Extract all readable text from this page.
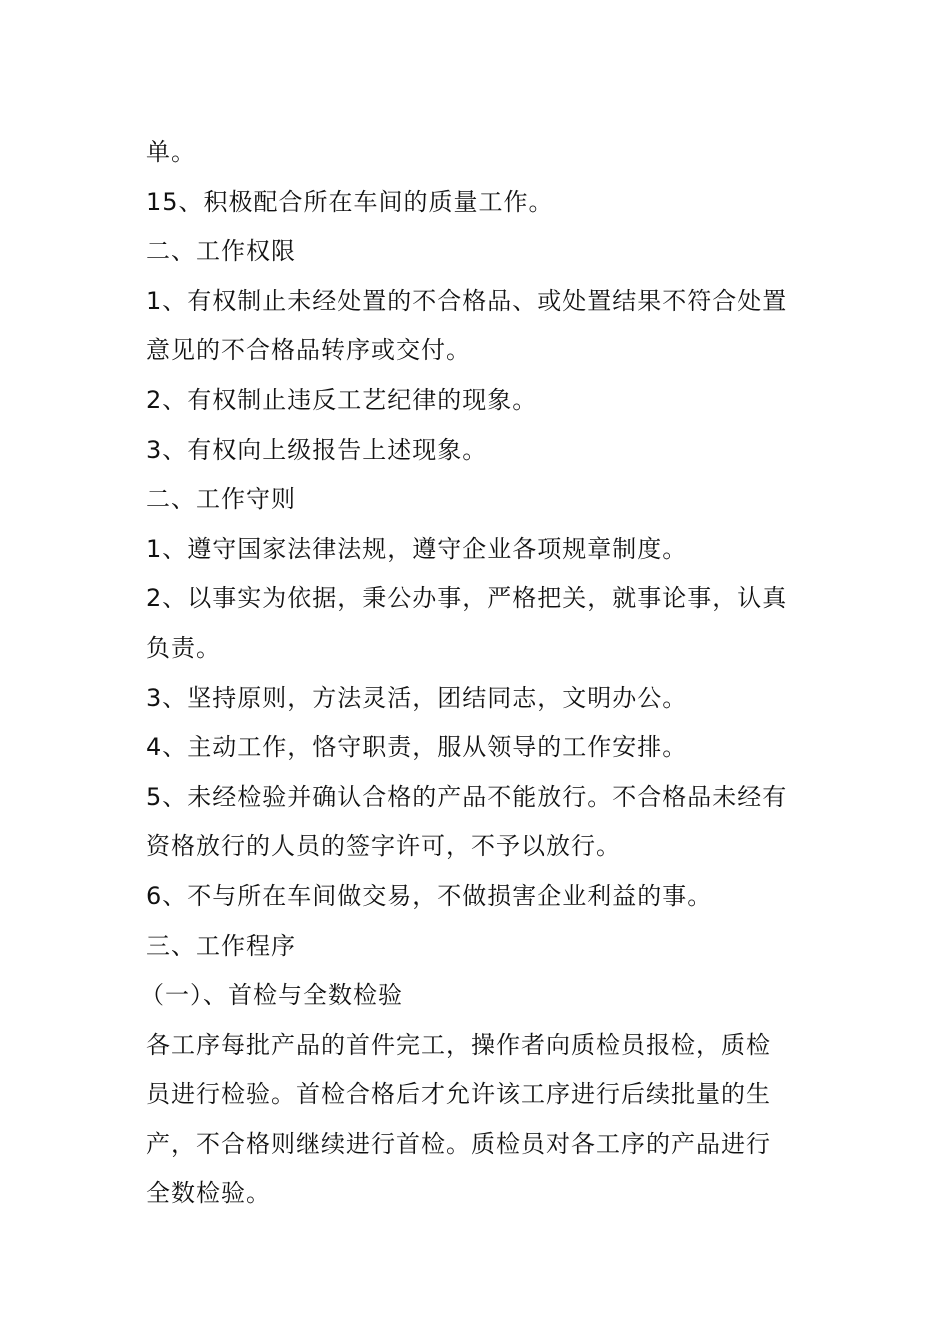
单。
15、积极配合所在车间的质量工作。
二、工作权限
1、有权制止未经处置的不合格品、或处置结果不符合处置
意见的不合格品转序或交付。
2、有权制止违反工艺纪律的现象。
3、有权向上级报告上述现象。
二、工作守则
1、遵守国家法律法规，遵守企业各项规章制度。
2、以事实为依据，秉公办事，严格把关，就事论事，认真
负责。
3、坚持原则，方法灵活，团结同志，文明办公。
4、主动工作，恪守职责，服从领导的工作安排。
5、未经检验并确认合格的产品不能放行。不合格品未经有
资格放行的人员的签字许可，不予以放行。
6、不与所在车间做交易，不做损害企业利益的事。
三、工作程序
（一）、首检与全数检验
各工序每批产品的首件完工，操作者向质检员报检，质检
员进行检验。首检合格后才允许该工序进行后续批量的生
产，不合格则继续进行首检。质检员对各工序的产品进行
全数检验。
